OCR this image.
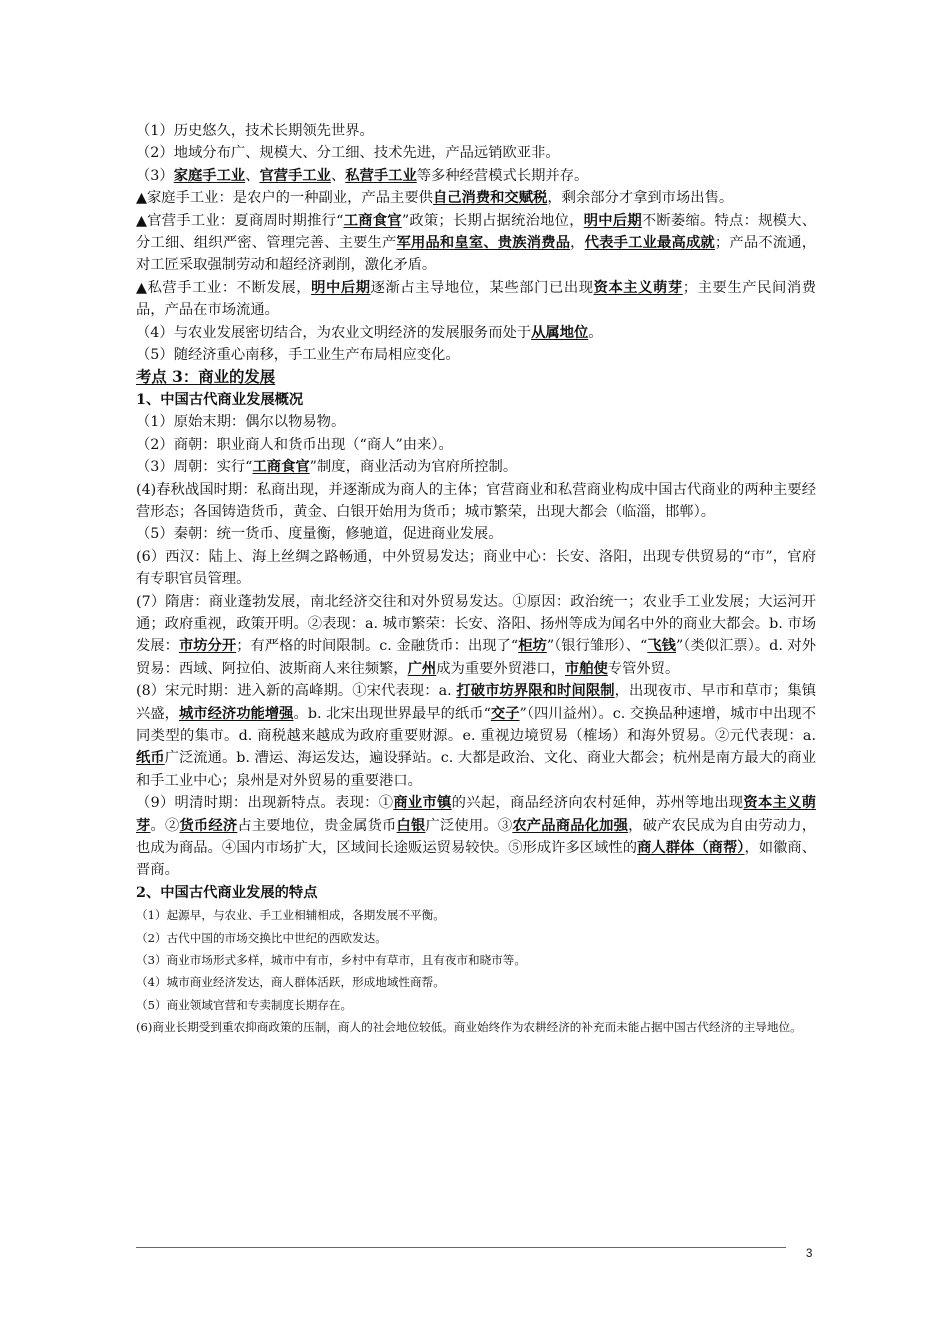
（1）历史悠久，技术长期领先世界。

（2）地域分布广、规模大、分工细、技术先进，产品远销欧亚非。

（3）家庭手工业、官营手工业、私营手工业等多种经营模式长期并存。

▲家庭手工业：是农户的一种副业，产品主要供自己消费和交赋税，剩余部分才拿到市场出售。

▲官营手工业：夏商周时期推行“工商食官”政策；长期占据统治地位，明中后期不断萎缩。特点：规模大、分工细、组织严密、管理完善、主要生产军用品和皇室、贵族消费品，代表手工业最高成就；产品不流通，对工匠采取强制劳动和超经济剥削，激化矛盾。

▲私营手工业：不断发展，明中后期逐渐占主导地位，某些部门已出现资本主义萌芽；主要生产民间消费品，产品在市场流通。

（4）与农业发展密切结合，为农业文明经济的发展服务而处于从属地位。

（5）随经济重心南移，手工业生产布局相应变化。

考点 3：商业的发展

1、中国古代商业发展概况

（1）原始末期：偶尔以物易物。

（2）商朝：职业商人和货币出现（“商人”由来）。

（3）周朝：实行“工商食官”制度，商业活动为官府所控制。

(4)春秋战国时期：私商出现，并逐渐成为商人的主体；官营商业和私营商业构成中国古代商业的两种主要经营形态；各国铸造货币，黄金、白银开始用为货币；城市繁荣，出现大都会（临淄，邯郸）。

（5）秦朝：统一货币、度量衡，修驰道，促进商业发展。

(6）西汉：陆上、海上丝绸之路畅通，中外贸易发达；商业中心：长安、洛阳，出现专供贸易的“市”，官府有专职官员管理。

(7）隋唐：商业蓬勃发展，南北经济交往和对外贸易发达。①原因：政治统一；农业手工业发展；大运河开通；政府重视，政策开明。②表现：a. 城市繁荣：长安、洛阳、扬州等成为闻名中外的商业大都会。b. 市场发展：市坊分开；有严格的时间限制。c. 金融货币：出现了“柜坊”（银行雏形）、“飞钱”（类似汇票）。d. 对外贸易：西域、阿拉伯、波斯商人来往频繁，广州成为重要外贸港口，市舶使专管外贸。

(8）宋元时期：进入新的高峰期。①宋代表现：a. 打破市坊界限和时间限制，出现夜市、早市和草市；集镇兴盛，城市经济功能增强。b. 北宋出现世界最早的纸币“交子”（四川益州）。c. 交换品种速增，城市中出现不同类型的集市。d. 商税越来越成为政府重要财源。e. 重视边境贸易（榷场）和海外贸易。②元代表现：a. 纸币广泛流通。b. 漕运、海运发达，遍设驿站。c. 大都是政治、文化、商业大都会；杭州是南方最大的商业和手工业中心；泉州是对外贸易的重要港口。

（9）明清时期：出现新特点。表现：①商业市镇的兴起，商品经济向农村延伸，苏州等地出现资本主义萌芽。②货币经济占主要地位，贵金属货币白银广泛使用。③农产品商品化加强，破产农民成为自由劳动力，也成为商品。④国内市场扩大，区域间长途贩运贸易较快。⑤形成许多区域性的商人群体（商帮），如徽商、晋商。

2、中国古代商业发展的特点

（1）起源早，与农业、手工业相辅相成，各期发展不平衡。

（2）古代中国的市场交换比中世纪的西欧发达。

（3）商业市场形式多样，城市中有市，乡村中有草市，且有夜市和晓市等。

（4）城市商业经济发达，商人群体活跃，形成地域性商帮。

（5）商业领域官营和专卖制度长期存在。

(6)商业长期受到重农抑商政策的压制，商人的社会地位较低。商业始终作为农耕经济的补充而未能占据中国古代经济的主导地位。

3
